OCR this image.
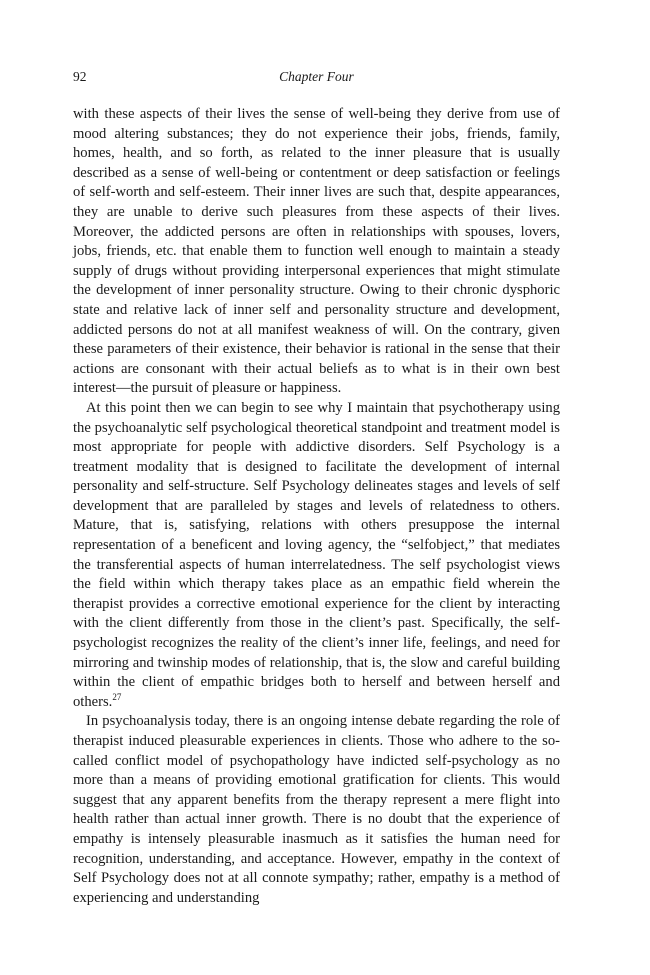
92	Chapter Four

with these aspects of their lives the sense of well-being they derive from use of mood altering substances; they do not experience their jobs, friends, family, homes, health, and so forth, as related to the inner pleasure that is usually described as a sense of well-being or contentment or deep satisfaction or feelings of self-worth and self-esteem. Their inner lives are such that, despite appearances, they are unable to derive such pleasures from these aspects of their lives. Moreover, the addicted persons are often in relationships with spouses, lovers, jobs, friends, etc. that enable them to function well enough to maintain a steady supply of drugs without providing interpersonal experiences that might stimulate the development of inner personality structure. Owing to their chronic dysphoric state and relative lack of inner self and personality structure and development, addicted persons do not at all manifest weakness of will. On the contrary, given these parameters of their existence, their behavior is rational in the sense that their actions are consonant with their actual beliefs as to what is in their own best interest—the pursuit of pleasure or happiness.

At this point then we can begin to see why I maintain that psychotherapy using the psychoanalytic self psychological theoretical standpoint and treatment model is most appropriate for people with addictive disorders. Self Psychology is a treatment modality that is designed to facilitate the development of internal personality and self-structure. Self Psychology delineates stages and levels of self development that are paralleled by stages and levels of relatedness to others. Mature, that is, satisfying, relations with others presuppose the internal representation of a beneficent and loving agency, the “selfobject,” that mediates the transferential aspects of human interrelatedness. The self psychologist views the field within which therapy takes place as an empathic field wherein the therapist provides a corrective emotional experience for the client by interacting with the client differently from those in the client’s past. Specifically, the self-psychologist recognizes the reality of the client’s inner life, feelings, and need for mirroring and twinship modes of relationship, that is, the slow and careful building within the client of empathic bridges both to herself and between herself and others.$^{27}$

In psychoanalysis today, there is an ongoing intense debate regarding the role of therapist induced pleasurable experiences in clients. Those who adhere to the so-called conflict model of psychopathology have indicted self-psychology as no more than a means of providing emotional gratification for clients. This would suggest that any apparent benefits from the therapy represent a mere flight into health rather than actual inner growth. There is no doubt that the experience of empathy is intensely pleasurable inasmuch as it satisfies the human need for recognition, understanding, and acceptance. However, empathy in the context of Self Psychology does not at all connote sympathy; rather, empathy is a method of experiencing and understanding
